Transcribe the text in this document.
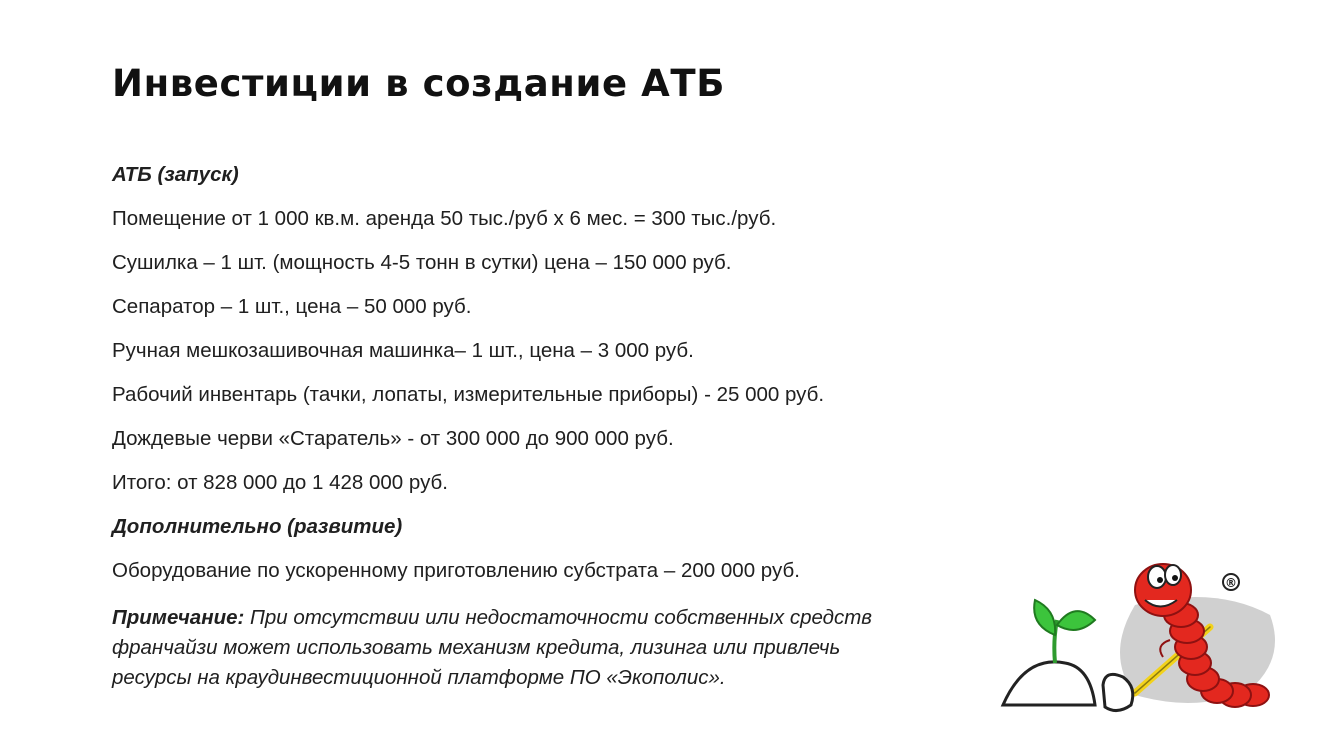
Инвестиции в создание АТБ
АТБ (запуск)
Помещение от 1 000 кв.м. аренда 50 тыс./руб х 6 мес. = 300 тыс./руб.
Сушилка – 1 шт. (мощность 4-5 тонн в сутки) цена – 150 000 руб.
Сепаратор – 1 шт., цена – 50 000 руб.
Ручная мешкозашивочная машинка– 1 шт., цена – 3 000 руб.
Рабочий инвентарь (тачки, лопаты, измерительные приборы) - 25 000 руб.
Дождевые черви «Старатель» - от 300 000 до 900 000 руб.
Итого: от 828 000 до 1 428 000 руб.
Дополнительно (развитие)
Оборудование по ускоренному приготовлению субстрата – 200 000 руб.
Примечание: При отсутствии или недостаточности собственных средств
франчайзи может использовать механизм кредита, лизинга или привлечь
ресурсы на краудинвестиционной платформе ПО «Экополис».
®
